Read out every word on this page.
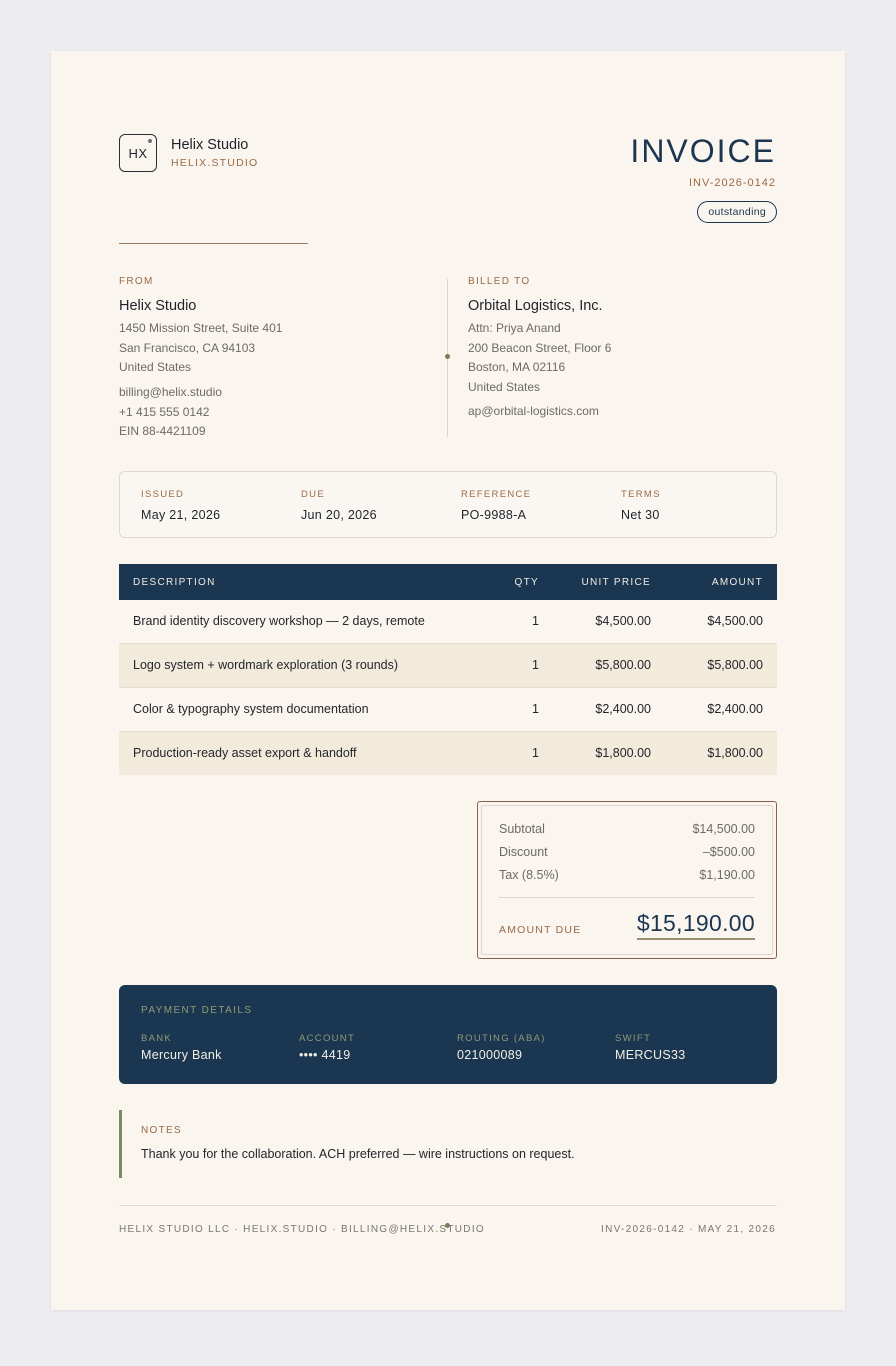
HX Helix Studio
HELIX.STUDIO	INVOICE
INV-2026-0142
outstanding
FROM
Helix Studio
1450 Mission Street, Suite 401
San Francisco, CA 94103
United States
billing@helix.studio
+1 415 555 0142
EIN 88-4421109
BILLED TO
Orbital Logistics, Inc.
Attn: Priya Anand
200 Beacon Street, Floor 6
Boston, MA 02116
United States
ap@orbital-logistics.com
ISSUED
May 21, 2026
DUE
Jun 20, 2026
REFERENCE
PO-9988-A
TERMS
Net 30
DESCRIPTION	QTY	UNIT PRICE	AMOUNT
Brand identity discovery workshop — 2 days, remote	1	$4,500.00	$4,500.00
Logo system + wordmark exploration (3 rounds)	1	$5,800.00	$5,800.00
Color & typography system documentation	1	$2,400.00	$2,400.00
Production-ready asset export & handoff	1	$1,800.00	$1,800.00
Subtotal	$14,500.00
Discount	–$500.00
Tax (8.5%)	$1,190.00
AMOUNT DUE $15,190.00
PAYMENT DETAILS
BANK
Mercury Bank
ACCOUNT
•••• 4419
ROUTING (ABA)
021000089
SWIFT
MERCUS33
NOTES
Thank you for the collaboration. ACH preferred — wire instructions on request.
HELIX STUDIO LLC · HELIX.STUDIO · BILLING@HELIX.STUDIO	INV-2026-0142 · MAY 21, 2026
